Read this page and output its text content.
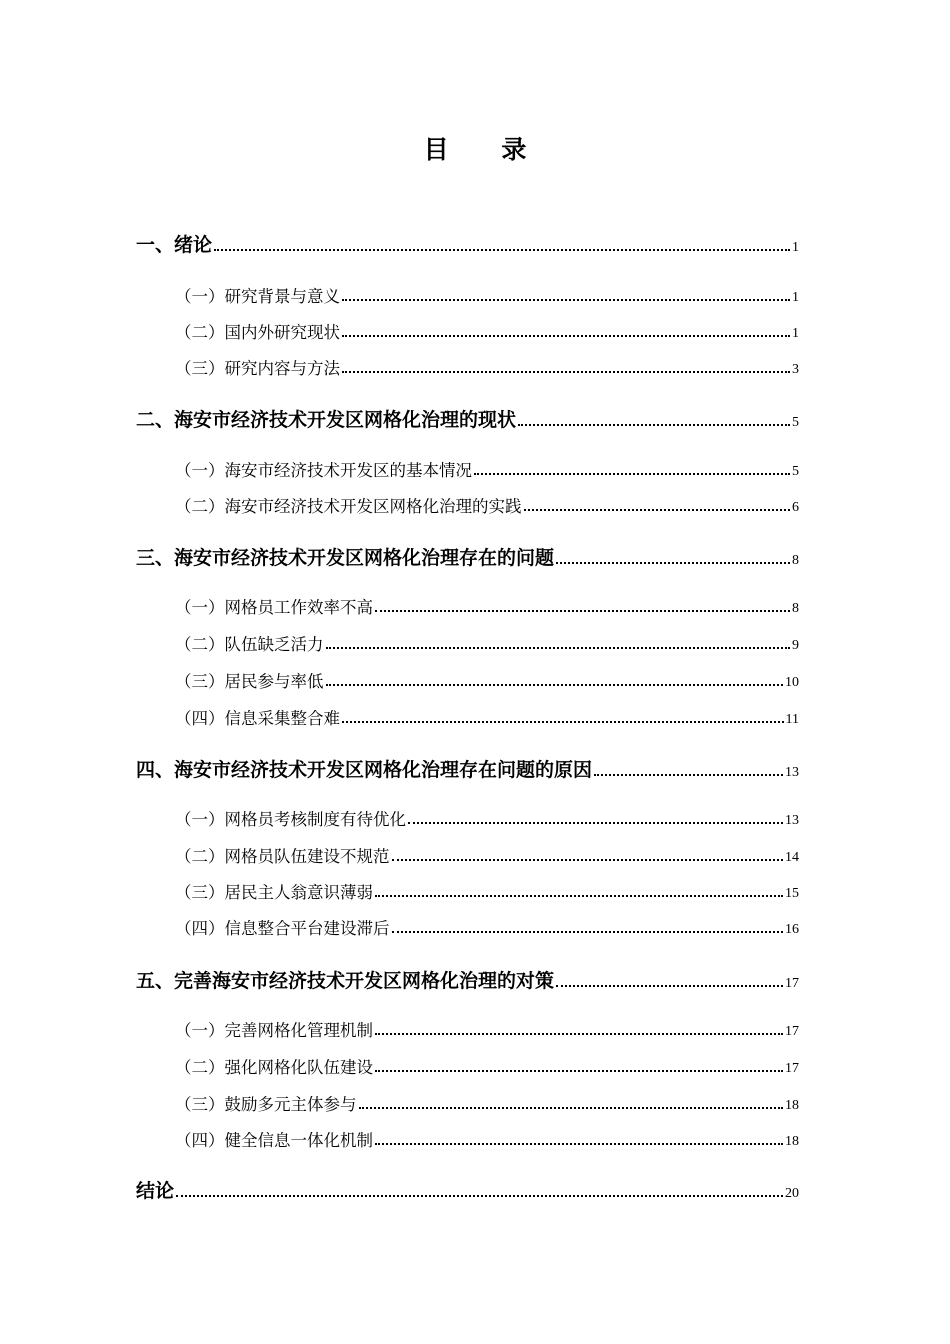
目 录
一、绪论	1
（一）研究背景与意义	1
（二）国内外研究现状	1
（三）研究内容与方法	3
二、海安市经济技术开发区网格化治理的现状	5
（一）海安市经济技术开发区的基本情况	5
（二）海安市经济技术开发区网格化治理的实践	6
三、海安市经济技术开发区网格化治理存在的问题	8
（一）网格员工作效率不高	8
（二）队伍缺乏活力	9
（三）居民参与率低	10
（四）信息采集整合难	11
四、海安市经济技术开发区网格化治理存在问题的原因	13
（一）网格员考核制度有待优化	13
（二）网格员队伍建设不规范	14
（三）居民主人翁意识薄弱	15
（四）信息整合平台建设滞后	16
五、完善海安市经济技术开发区网格化治理的对策	17
（一）完善网格化管理机制	17
（二）强化网格化队伍建设	17
（三）鼓励多元主体参与	18
（四）健全信息一体化机制	18
结论	20
